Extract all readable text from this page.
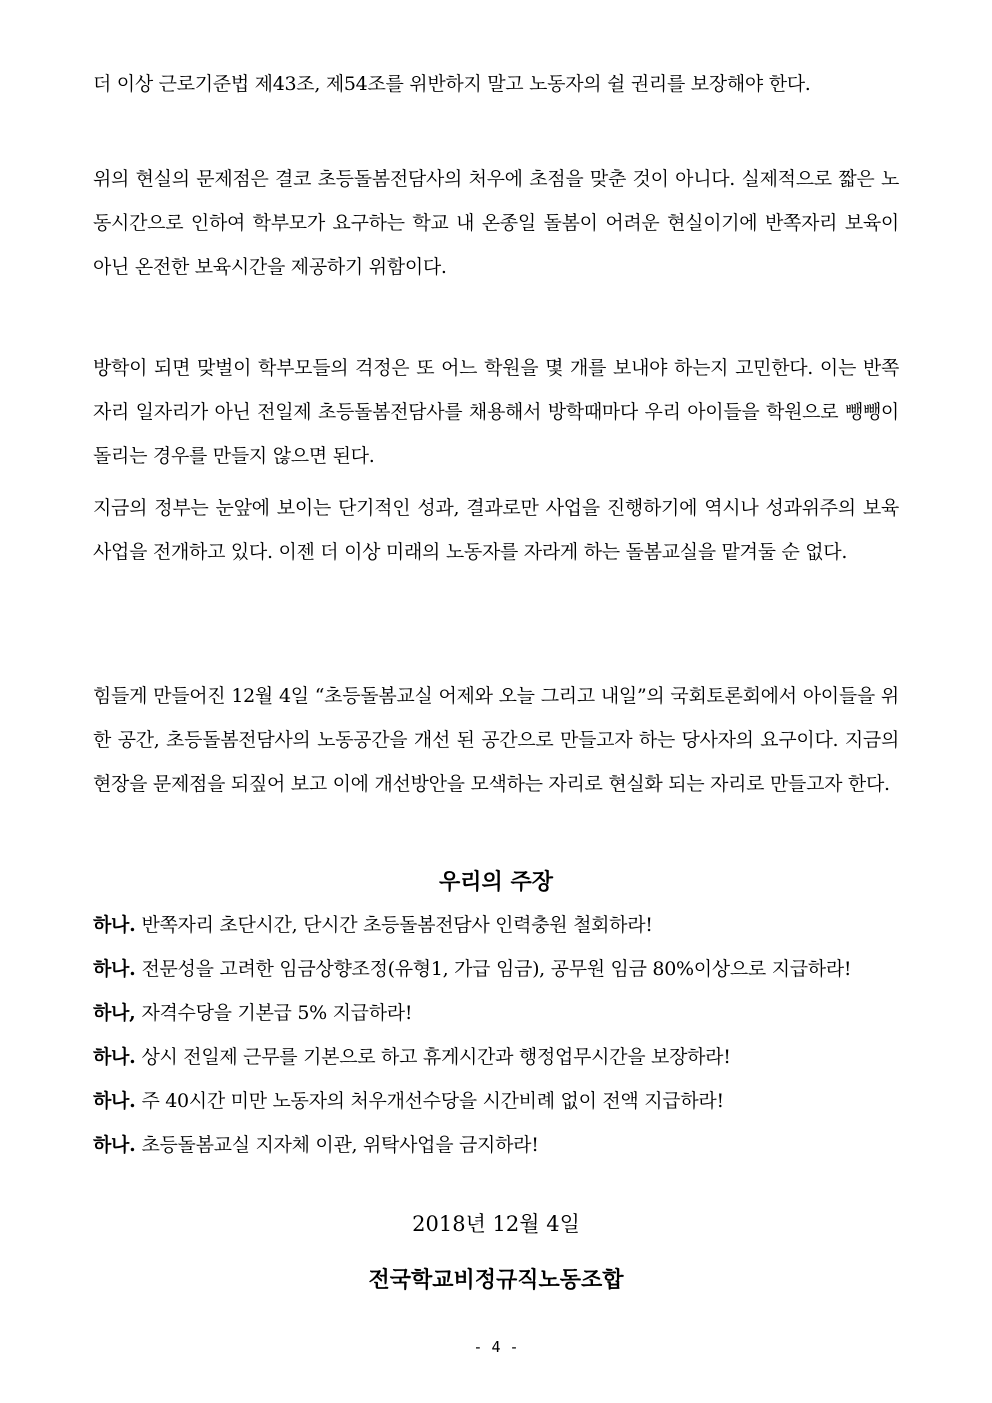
더 이상 근로기준법 제43조, 제54조를 위반하지 말고 노동자의 쉴 권리를 보장해야 한다.

위의 현실의 문제점은 결코 초등돌봄전담사의 처우에 초점을 맞춘 것이 아니다. 실제적으로 짧은 노동시간으로 인하여 학부모가 요구하는 학교 내 온종일 돌봄이 어려운 현실이기에 반쪽자리 보육이 아닌 온전한 보육시간을 제공하기 위함이다.

방학이 되면 맞벌이 학부모들의 걱정은 또 어느 학원을 몇 개를 보내야 하는지 고민한다. 이는 반쪽자리 일자리가 아닌 전일제 초등돌봄전담사를 채용해서 방학때마다 우리 아이들을 학원으로 뺑뺑이 돌리는 경우를 만들지 않으면 된다.

지금의 정부는 눈앞에 보이는 단기적인 성과, 결과로만 사업을 진행하기에 역시나 성과위주의 보육사업을 전개하고 있다. 이젠 더 이상 미래의 노동자를 자라게 하는 돌봄교실을 맡겨둘 순 없다.

힘들게 만들어진 12월 4일 “초등돌봄교실 어제와 오늘 그리고 내일”의 국회토론회에서 아이들을 위한 공간, 초등돌봄전담사의 노동공간을 개선 된 공간으로 만들고자 하는 당사자의 요구이다. 지금의 현장을 문제점을 되짚어 보고 이에 개선방안을 모색하는 자리로 현실화 되는 자리로 만들고자 한다.

우리의 주장
하나. 반쪽자리 초단시간, 단시간 초등돌봄전담사 인력충원 철회하라!
하나. 전문성을 고려한 임금상향조정(유형1, 가급 임금), 공무원 임금 80%이상으로 지급하라!
하나, 자격수당을 기본급 5% 지급하라!
하나. 상시 전일제 근무를 기본으로 하고 휴게시간과 행정업무시간을 보장하라!
하나. 주 40시간 미만 노동자의 처우개선수당을 시간비례 없이 전액 지급하라!
하나. 초등돌봄교실 지자체 이관, 위탁사업을 금지하라!
2018년 12월 4일
전국학교비정규직노동조합
- 4 -
